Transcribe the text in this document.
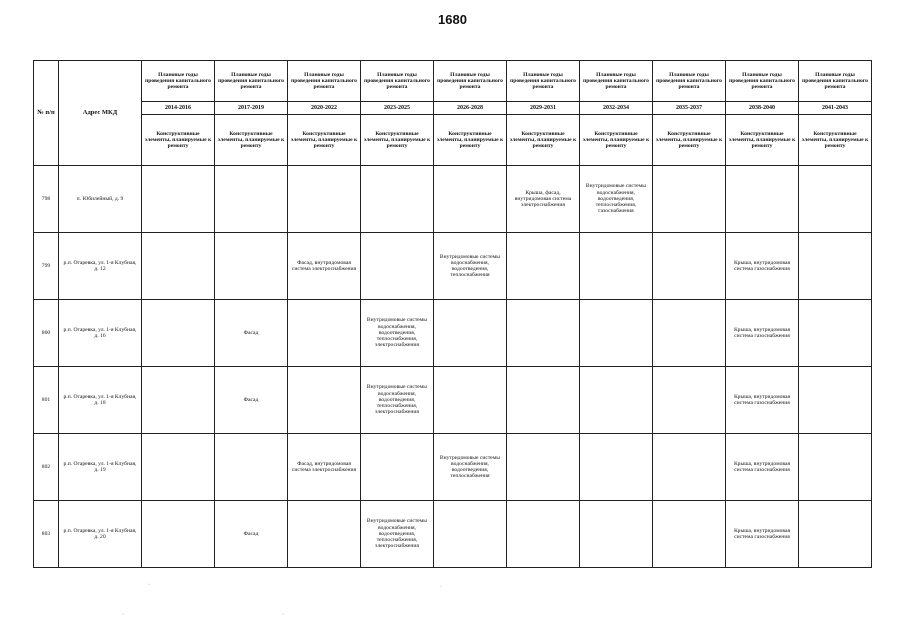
1680
№ п/п	Адрес МКД	Плановые годы проведения капитального ремонта	Плановые годы проведения капитального ремонта	Плановые годы проведения капитального ремонта	Плановые годы проведения капитального ремонта	Плановые годы проведения капитального ремонта	Плановые годы проведения капитального ремонта	Плановые годы проведения капитального ремонта	Плановые годы проведения капитального ремонта	Плановые годы проведения капитального ремонта	Плановые годы проведения капитального ремонта
		2014-2016	2017-2019	2020-2022	2023-2025	2026-2028	2029-2031	2032-2034	2035-2037	2038-2040	2041-2043
		Конструктивные элементы, планируемые к ремонту	Конструктивные элементы, планируемые к ремонту	Конструктивные элементы, планируемые к ремонту	Конструктивные элементы, планируемые к ремонту	Конструктивные элементы, планируемые к ремонту	Конструктивные элементы, планируемые к ремонту	Конструктивные элементы, планируемые к ремонту	Конструктивные элементы, планируемые к ремонту	Конструктивные элементы, планируемые к ремонту	Конструктивные элементы, планируемые к ремонту
798	п. Юбилейный, д. 9						Крыша, фасад, внутридомовая система электроснабжения	Внутридомовые системы водоснабжения, водоотведения, теплоснабжения, газоснабжения			
799	р.п. Огаревка, ул. 1-я Клубная, д. 12			Фасад, внутридомовая система электроснабжения		Внутридомовые системы водоснабжения, водоотведения, теплоснабжения				Крыша, внутридомовая система газоснабжения	
800	р.п. Огаревка, ул. 1-я Клубная, д. 16		Фасад		Внутридомовые системы водоснабжения, водоотведения, теплоснабжения, электроснабжения					Крыша, внутридомовая система газоснабжения	
801	р.п. Огаревка, ул. 1-я Клубная, д. 18		Фасад		Внутридомовые системы водоснабжения, водоотведения, теплоснабжения, электроснабжения					Крыша, внутридомовая система газоснабжения	
802	р.п. Огаревка, ул. 1-я Клубная, д. 19			Фасад, внутридомовая система электроснабжения		Внутридомовые системы водоснабжения, водоотведения, теплоснабжения				Крыша, внутридомовая система газоснабжения	
803	р.п. Огаревка, ул. 1-я Клубная, д. 20		Фасад		Внутридомовые системы водоснабжения, водоотведения, теплоснабжения, электроснабжения					Крыша, внутридомовая система газоснабжения	
·	·
·	·
